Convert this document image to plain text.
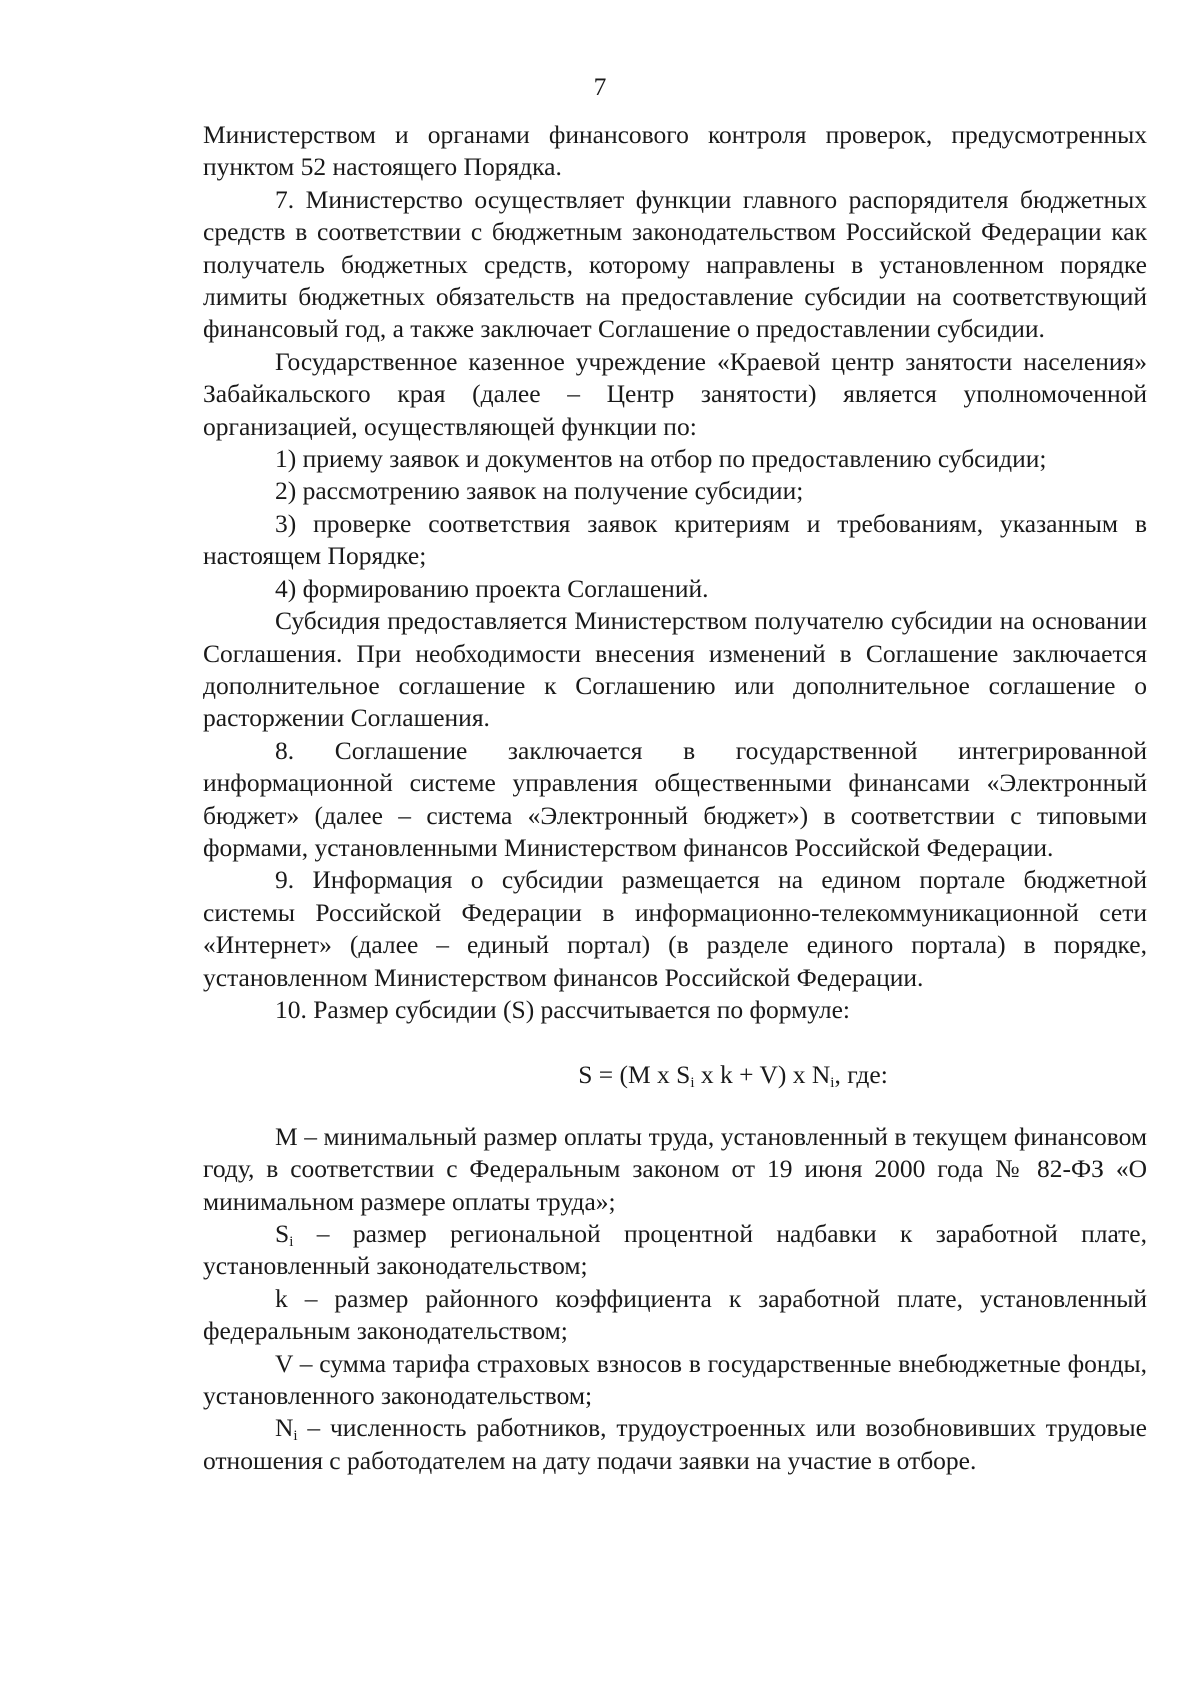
7

Министерством и органами финансового контроля проверок, предусмотренных пунктом 52 настоящего Порядка.

7. Министерство осуществляет функции главного распорядителя бюджетных средств в соответствии с бюджетным законодательством Российской Федерации как получатель бюджетных средств, которому направлены в установленном порядке лимиты бюджетных обязательств на предоставление субсидии на соответствующий финансовый год, а также заключает Соглашение о предоставлении субсидии.

Государственное казенное учреждение «Краевой центр занятости населения» Забайкальского края (далее – Центр занятости) является уполномоченной организацией, осуществляющей функции по:

1) приему заявок и документов на отбор по предоставлению субсидии;

2) рассмотрению заявок на получение субсидии;

3) проверке соответствия заявок критериям и требованиям, указанным в настоящем Порядке;

4) формированию проекта Соглашений.

Субсидия предоставляется Министерством получателю субсидии на основании Соглашения. При необходимости внесения изменений в Соглашение заключается дополнительное соглашение к Соглашению или дополнительное соглашение о расторжении Соглашения.

8. Соглашение заключается в государственной интегрированной информационной системе управления общественными финансами «Электронный бюджет» (далее – система «Электронный бюджет») в соответствии с типовыми формами, установленными Министерством финансов Российской Федерации.

9. Информация о субсидии размещается на едином портале бюджетной системы Российской Федерации в информационно-телекоммуникационной сети «Интернет» (далее – единый портал) (в разделе единого портала) в порядке, установленном Министерством финансов Российской Федерации.

10. Размер субсидии (S) рассчитывается по формуле:

S = (M x $S_i$ x k + V) x $N_i$, где:

M – минимальный размер оплаты труда, установленный в текущем финансовом году, в соответствии с Федеральным законом от 19 июня 2000 года № 82-ФЗ «О минимальном размере оплаты труда»;

$S_i$ – размер региональной процентной надбавки к заработной плате, установленный законодательством;

k – размер районного коэффициента к заработной плате, установленный федеральным законодательством;

V – сумма тарифа страховых взносов в государственные внебюджетные фонды, установленного законодательством;

$N_i$ – численность работников, трудоустроенных или возобновивших трудовые отношения с работодателем на дату подачи заявки на участие в отборе.
